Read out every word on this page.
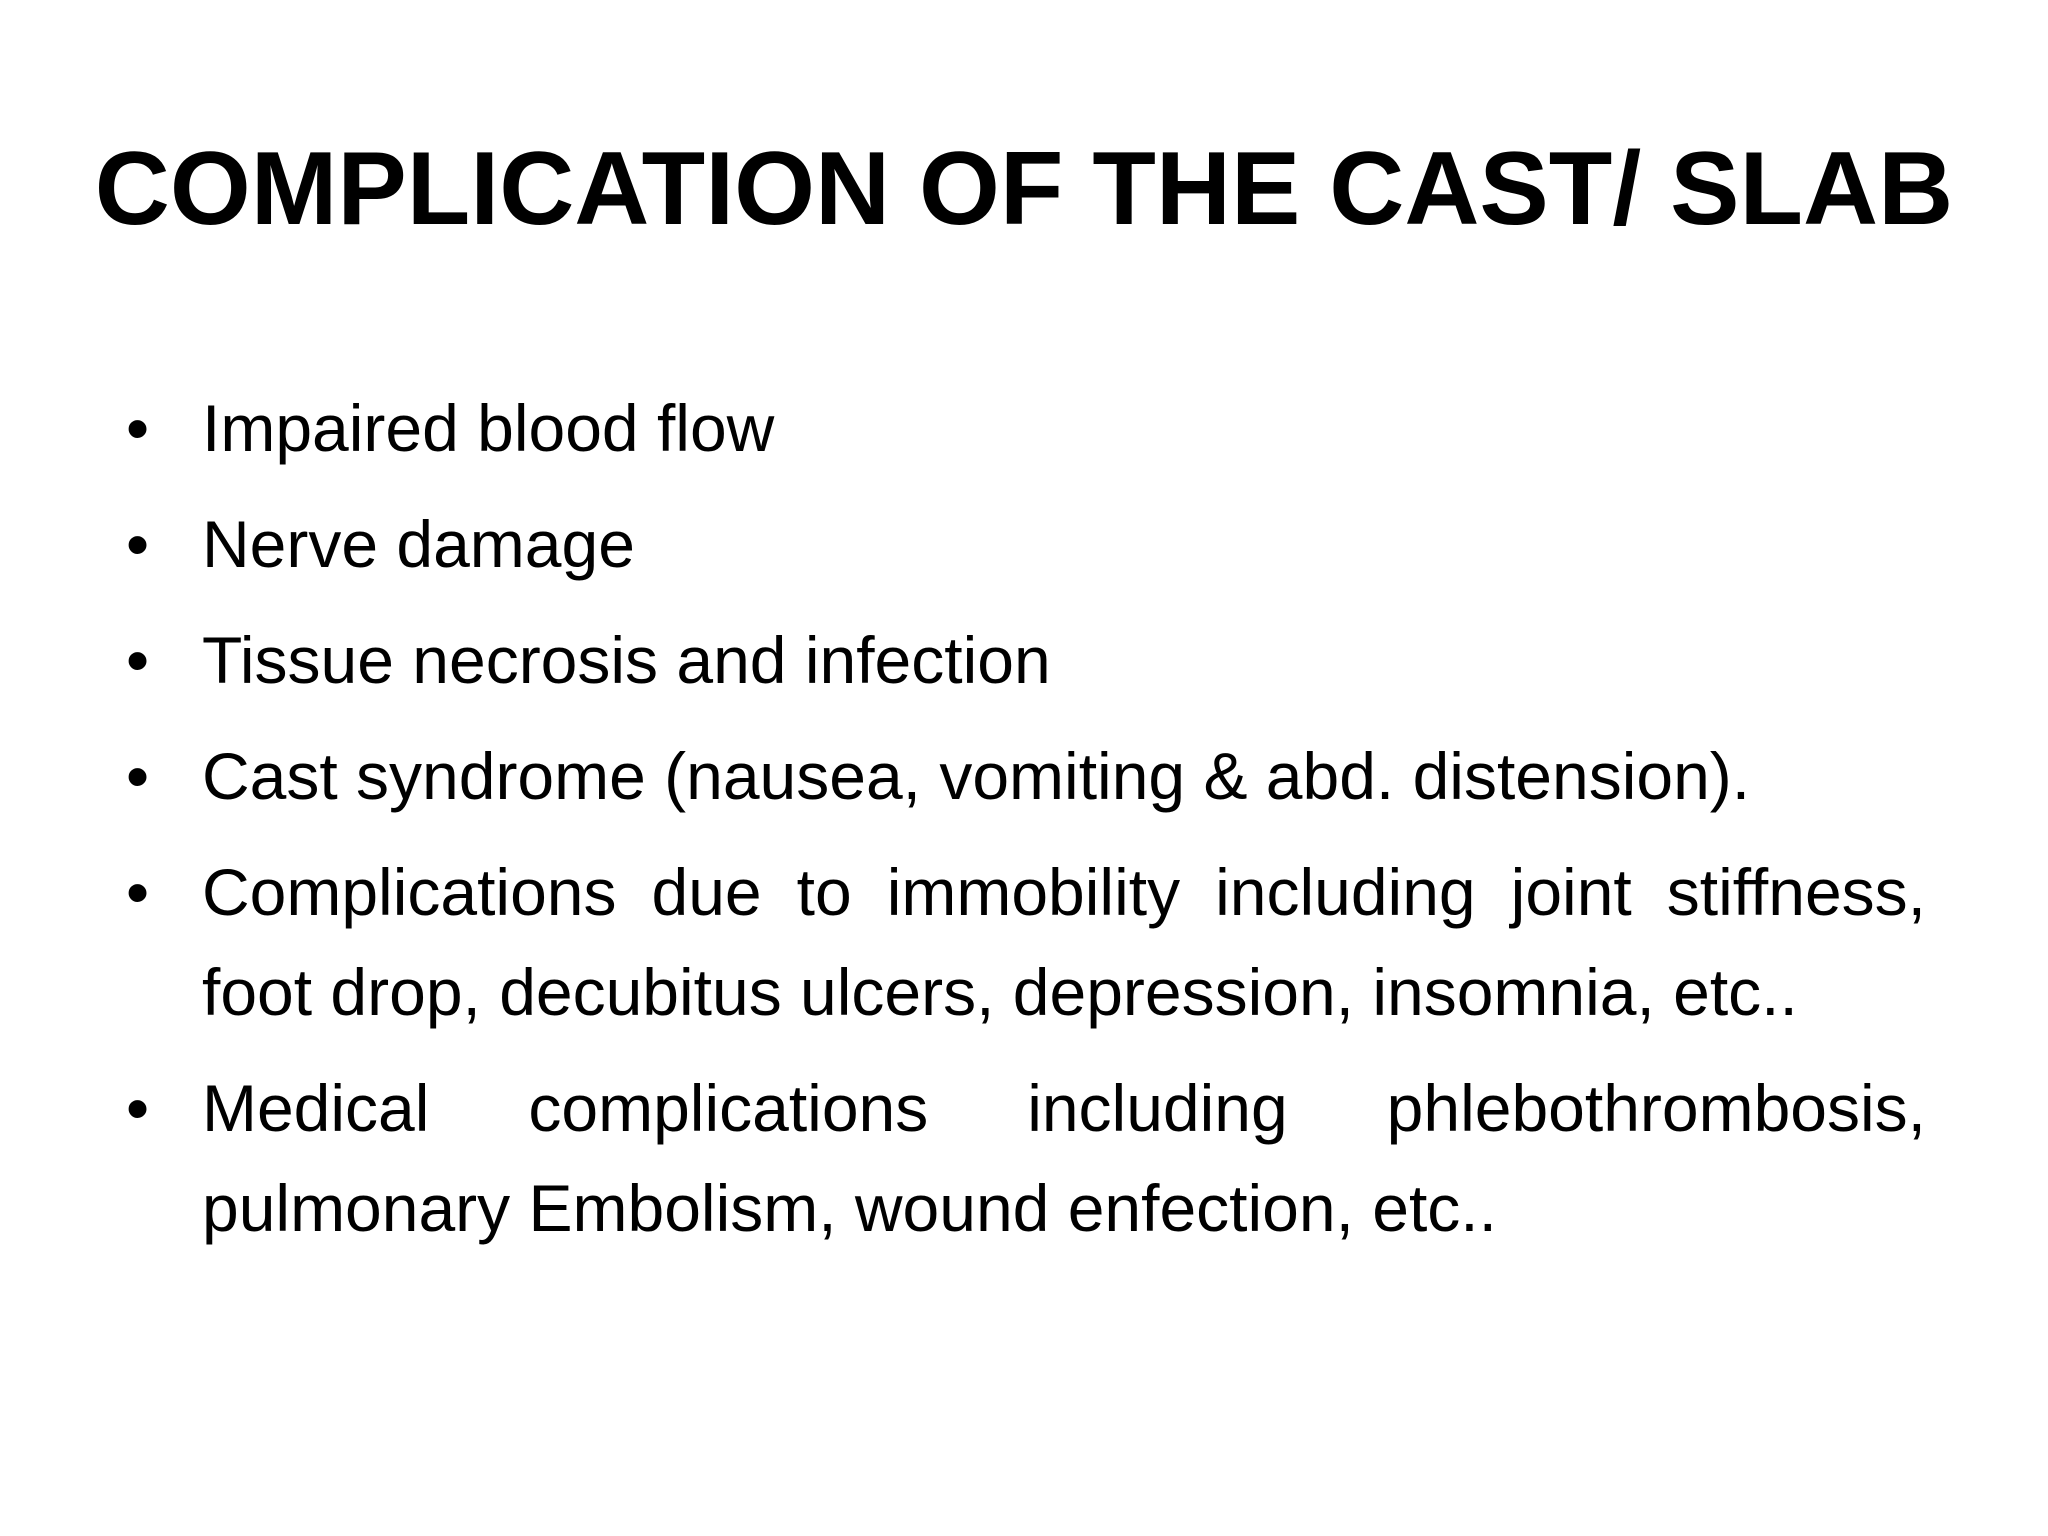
COMPLICATION OF THE CAST/ SLAB
• Impaired blood flow
• Nerve damage
• Tissue necrosis and infection
• Cast syndrome (nausea, vomiting & abd. distension).
• Complications due to immobility including joint stiffness, foot drop, decubitus ulcers, depression, insomnia, etc..
• Medical complications including phlebothrombosis, pulmonary Embolism, wound enfection, etc..
